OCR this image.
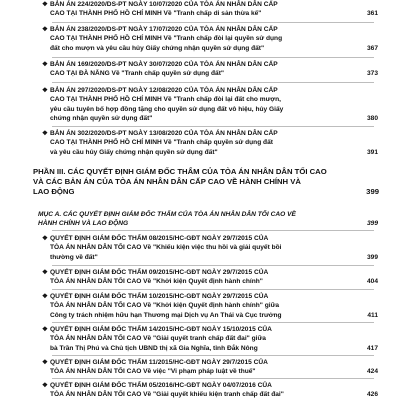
❖ BẢN ÁN 224/2020/DS-PT NGÀY 10/07/2020 CỦA TÒA ÁN NHÂN DÂN CẤP
CAO TẠI THÀNH PHỐ HỒ CHÍ MINH Về "Tranh chấp di sản thừa kế"	361
❖ BẢN ÁN 238/2020/DS-PT NGÀY 17/07/2020 CỦA TÒA ÁN NHÂN DÂN CẤP
CAO TẠI THÀNH PHỐ HỒ CHÍ MINH Về "Tranh chấp đòi lại quyền sử dụng
đất cho mượn và yêu cầu hủy Giấy chứng nhận quyền sử dụng đất"	367
❖ BẢN ÁN 169/2020/DS-PT NGÀY 30/07/2020 CỦA TÒA ÁN NHÂN DÂN CẤP
CAO TẠI ĐÀ NẴNG Về "Tranh chấp quyền sử dụng đất"	373
❖ BẢN ÁN 297/2020/DS-PT NGÀY 12/08/2020 CỦA TÒA ÁN NHÂN DÂN CẤP
CAO TẠI THÀNH PHỐ HỒ CHÍ MINH Về "Tranh chấp đòi lại đất cho mượn,
yêu cầu tuyên bố hợp đồng tặng cho quyền sử dụng đất vô hiệu, hủy Giấy
chứng nhận quyền sử dụng đất"	380
❖ BẢN ÁN 302/2020/DS-PT NGÀY 13/08/2020 CỦA TÒA ÁN NHÂN DÂN CẤP
CAO TẠI THÀNH PHỐ HỒ CHÍ MINH Về "Tranh chấp quyền sử dụng đất
và yêu cầu hủy Giấy chứng nhận quyền sử dụng đất"	391
PHẦN III. CÁC QUYẾT ĐỊNH GIÁM ĐỐC THẨM CỦA TÒA ÁN NHÂN DÂN TỐI CAO
VÀ CÁC BẢN ÁN CỦA TÒA ÁN NHÂN DÂN CẤP CAO VỀ HÀNH CHÍNH VÀ
LAO ĐỘNG	399
MỤC A. CÁC QUYẾT ĐỊNH GIÁM ĐỐC THẨM CỦA TÒA ÁN NHÂN DÂN TỐI CAO VỀ
HÀNH CHÍNH VÀ LAO ĐỘNG	399
❖ QUYẾT ĐỊNH GIÁM ĐỐC THẨM 08/2015/HC-GĐT NGÀY 29/7/2015 CỦA
TÒA ÁN NHÂN DÂN TỐI CAO Về "Khiếu kiện việc thu hồi và giải quyết bồi
thường về đất"	399
❖ QUYẾT ĐỊNH GIÁM ĐỐC THẨM 09/2015/HC-GĐT NGÀY 29/7/2015 CỦA
TÒA ÁN NHÂN DÂN TỐI CAO Về "Khởi kiện Quyết định hành chính"	404
❖ QUYẾT ĐỊNH GIÁM ĐỐC THẨM 10/2015/HC-GĐT NGÀY 29/7/2015 CỦA
TÒA ÁN NHÂN DÂN TỐI CAO Về "Khởi kiện Quyết định hành chính" giữa
Công ty trách nhiệm hữu hạn Thương mại Dịch vụ An Thái và Cục trưởng	411
❖ QUYẾT ĐỊNH GIÁM ĐỐC THẨM 14/2015/HC-GĐT NGÀY 15/10/2015 CỦA
TÒA ÁN NHÂN DÂN TỐI CAO Về "Giải quyết tranh chấp đất đai" giữa
bà Trần Thị Phú và Chủ tịch UBND thị xã Gia Nghĩa, tỉnh Đắk Nông	417
❖ QUYẾT ĐỊNH GIÁM ĐỐC THẨM 11/2015/HC-GĐT NGÀY 29/7/2015 CỦA
TÒA ÁN NHÂN DÂN TỐI CAO Về việc "Vi phạm pháp luật về thuế"	424
❖ QUYẾT ĐỊNH GIÁM ĐỐC THẨM 05/2016/HC-GĐT NGÀY 04/07/2016 CỦA
TÒA ÁN NHÂN DÂN TỐI CAO Về "Giải quyết khiếu kiện tranh chấp đất đai"	426
